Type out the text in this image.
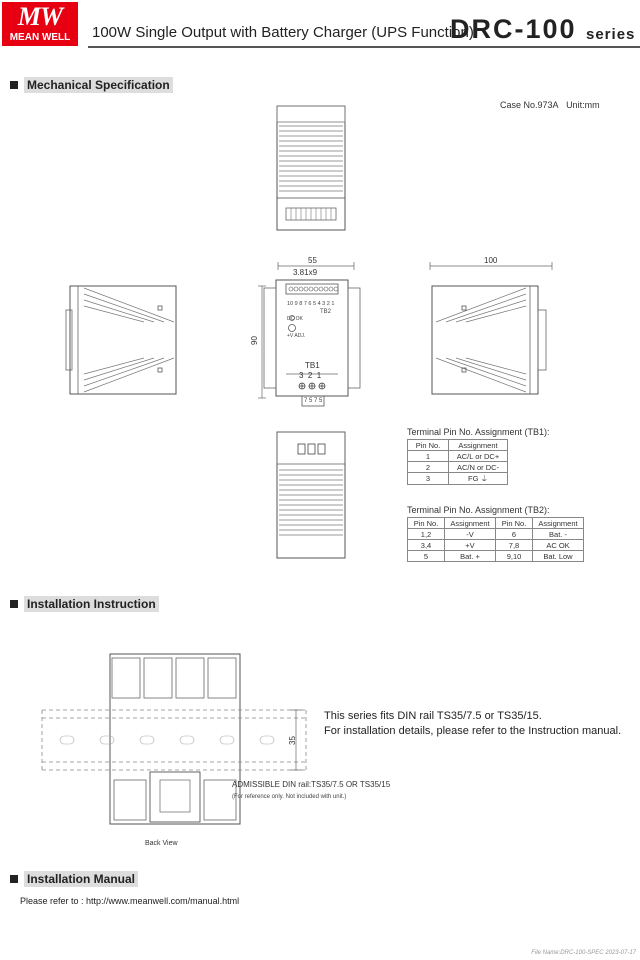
MW
MEAN WELL	100W Single Output with Battery Charger (UPS Function)
DRC-100 series
Mechanical Specification
Case No.973A Unit:mm
55
3.81x9
10 9 8 7 6 5 4 3 2 1
TB2
DC OK
+V ADJ.
TB1
3  2  1
7 5 7 5
90
100
Terminal Pin No. Assignment (TB1):
Pin No.	Assignment
1	AC/L or DC+
2	AC/N or DC-
3	FG ⏚
Terminal Pin No. Assignment (TB2):
Pin No.	Assignment	Pin No.	Assignment
1,2	-V	6	Bat. -
3,4	+V	7,8	AC OK
5	Bat. +	9,10	Bat. Low
Installation Instruction
35
ADMISSIBLE DIN rail:TS35/7.5 OR TS35/15
(For reference only. Not included with unit.)
Back View
This series fits DIN rail TS35/7.5 or TS35/15.
For installation details, please refer to the Instruction manual.
Installation Manual
Please refer to : http://www.meanwell.com/manual.html
File Name:DRC-100-SPEC 2023-07-17
